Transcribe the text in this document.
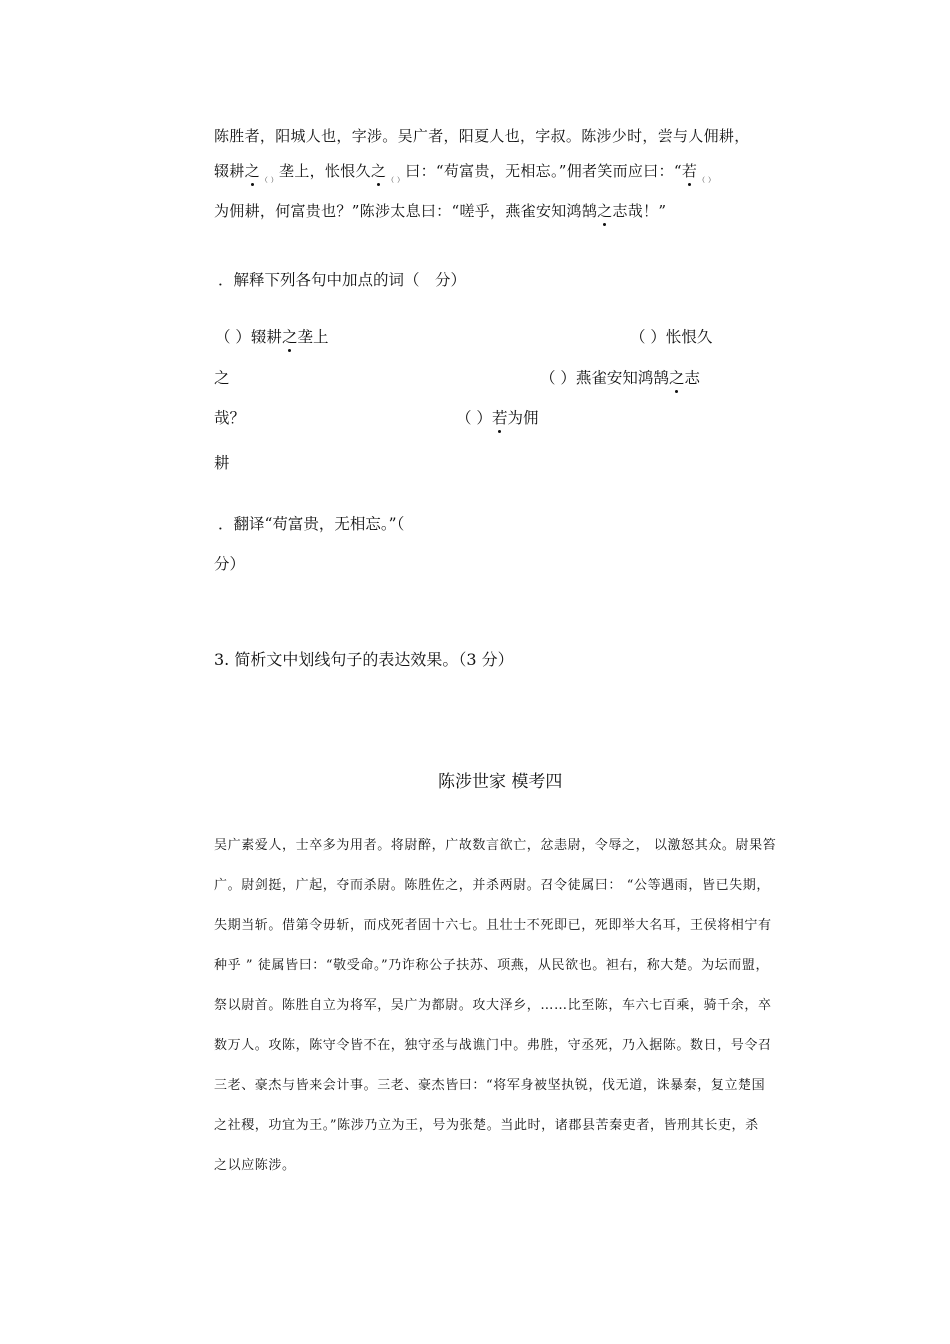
陈胜者，阳城人也，字涉。吴广者，阳夏人也，字叔。陈涉少时，尝与人佣耕，
辍耕之$_{( )}$垄上，怅恨久之$_{( )}$曰：“苟富贵，无相忘。”佣者笑而应曰：“若$_{( )}$
为佣耕，何富贵也？”陈涉太息曰：“嗟乎，燕雀安知鸿鹄之志哉！”
．解释下列各句中加点的词（　分）
（ ）辍耕之垄上	（ ）怅恨久
之	（ ）燕雀安知鸿鹄之志
哉？	（ ）若为佣
耕
．翻译“苟富贵，无相忘。”（
分）
3. 简析文中划线句子的表达效果。（3 分）
陈涉世家 模考四
吴广素爱人，士卒多为用者。将尉醉，广故数言欲亡，忿恚尉，令辱之， 以激怒其众。尉果笞
广。尉剑挺，广起，夺而杀尉。陈胜佐之，并杀两尉。召令徒属曰： “公等遇雨，皆已失期，
失期当斩。借第令毋斩，而戍死者固十六七。且壮士不死即已，死即举大名耳，王侯将相宁有
种乎 ” 徒属皆曰：“敬受命。”乃诈称公子扶苏、项燕，从民欲也。袒右，称大楚。为坛而盟，
祭以尉首。陈胜自立为将军，吴广为都尉。攻大泽乡，……比至陈，车六七百乘，骑千余，卒
数万人。攻陈，陈守令皆不在，独守丞与战谯门中。弗胜，守丞死，乃入据陈。数日，号令召
三老、豪杰与皆来会计事。三老、豪杰皆曰：“将军身被坚执锐，伐无道，诛暴秦，复立楚国
之社稷，功宜为王。”陈涉乃立为王，号为张楚。当此时，诸郡县苦秦吏者，皆刑其长吏，杀
之以应陈涉。
